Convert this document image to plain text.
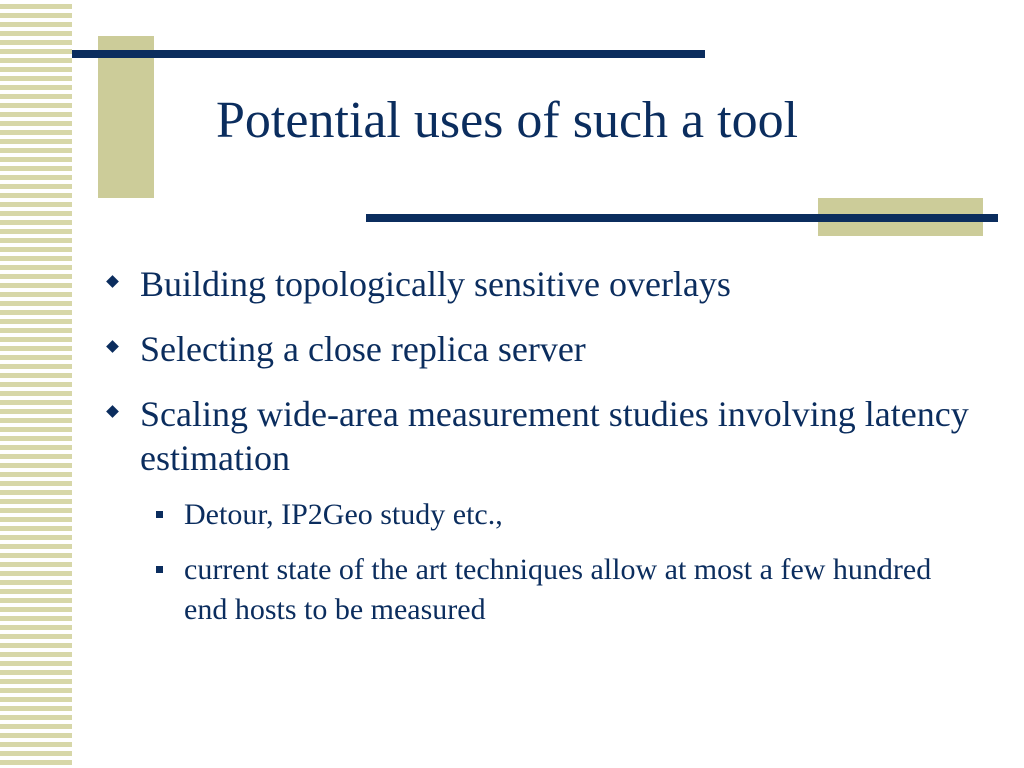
Potential uses of such a tool
Building topologically sensitive overlays
Selecting a close replica server
Scaling wide-area measurement studies involving latency estimation
Detour, IP2Geo study etc.,
current state of the art techniques allow at most a few hundred end hosts to be measured
